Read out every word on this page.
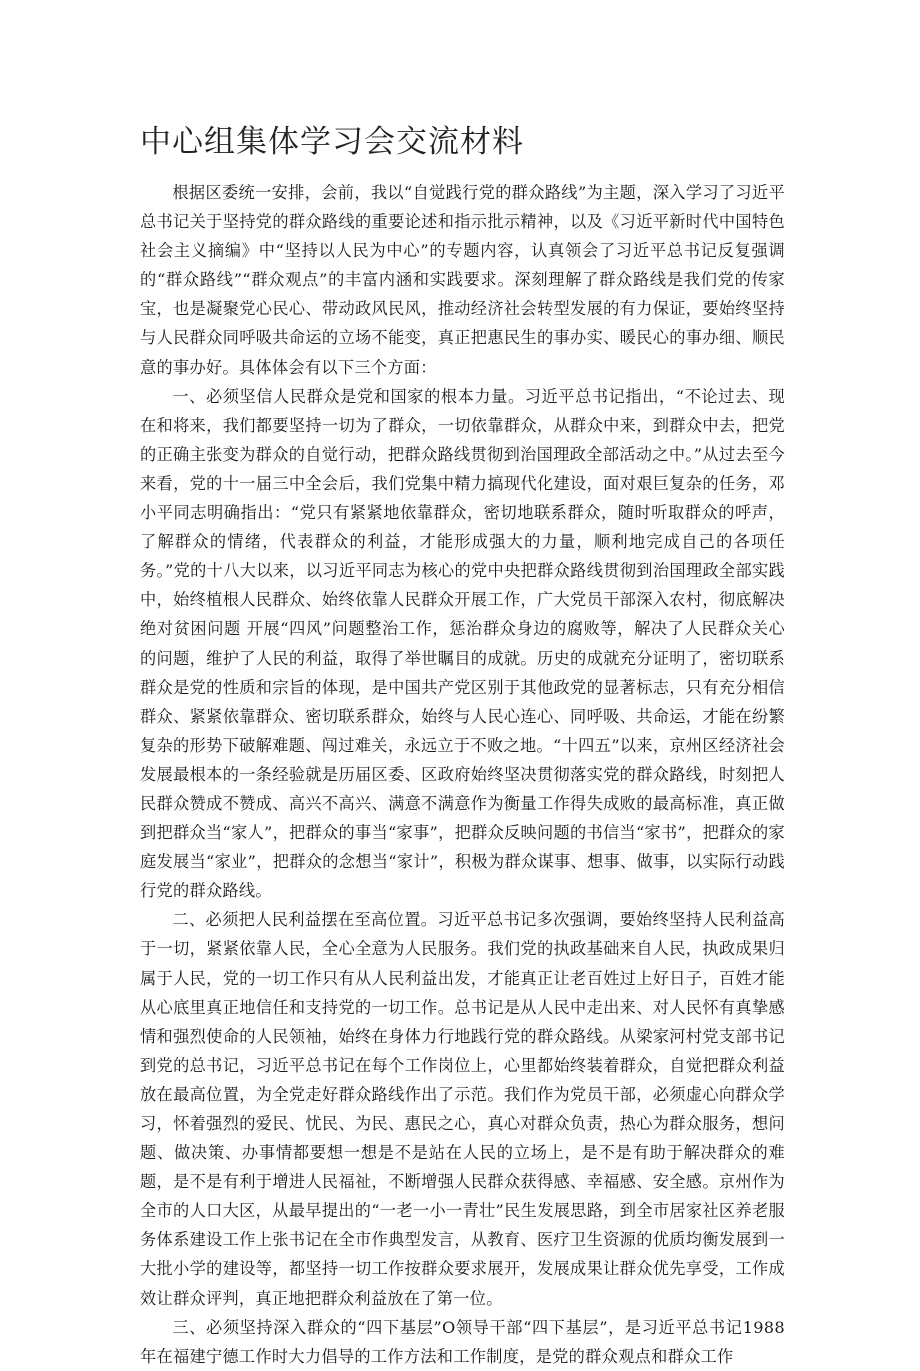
中心组集体学习会交流材料

根据区委统一安排，会前，我以“自觉践行党的群众路线”为主题，深入学习了习近平总书记关于坚持党的群众路线的重要论述和指示批示精神，以及《习近平新时代中国特色社会主义摘编》中“坚持以人民为中心”的专题内容，认真领会了习近平总书记反复强调的“群众路线”“群众观点”的丰富内涵和实践要求。深刻理解了群众路线是我们党的传家宝，也是凝聚党心民心、带动政风民风，推动经济社会转型发展的有力保证，要始终坚持与人民群众同呼吸共命运的立场不能变，真正把惠民生的事办实、暖民心的事办细、顺民意的事办好。具体体会有以下三个方面：

一、必须坚信人民群众是党和国家的根本力量。习近平总书记指出，“不论过去、现在和将来，我们都要坚持一切为了群众，一切依靠群众，从群众中来，到群众中去，把党的正确主张变为群众的自觉行动，把群众路线贯彻到治国理政全部活动之中。”从过去至今来看，党的十一届三中全会后，我们党集中精力搞现代化建设，面对艰巨复杂的任务，邓小平同志明确指出：“党只有紧紧地依靠群众，密切地联系群众，随时听取群众的呼声，了解群众的情绪，代表群众的利益，才能形成强大的力量，顺利地完成自己的各项任务。”党的十八大以来，以习近平同志为核心的党中央把群众路线贯彻到治国理政全部实践中，始终植根人民群众、始终依靠人民群众开展工作，广大党员干部深入农村，彻底解决绝对贫困问题 开展“四风”问题整治工作，惩治群众身边的腐败等，解决了人民群众关心的问题，维护了人民的利益，取得了举世瞩目的成就。历史的成就充分证明了，密切联系群众是党的性质和宗旨的体现，是中国共产党区别于其他政党的显著标志，只有充分相信群众、紧紧依靠群众、密切联系群众，始终与人民心连心、同呼吸、共命运，才能在纷繁复杂的形势下破解难题、闯过难关，永远立于不败之地。“十四五”以来，京州区经济社会发展最根本的一条经验就是历届区委、区政府始终坚决贯彻落实党的群众路线，时刻把人民群众赞成不赞成、高兴不高兴、满意不满意作为衡量工作得失成败的最高标准，真正做到把群众当“家人”，把群众的事当“家事”，把群众反映问题的书信当“家书”，把群众的家庭发展当“家业”，把群众的念想当“家计”，积极为群众谋事、想事、做事，以实际行动践行党的群众路线。

二、必须把人民利益摆在至高位置。习近平总书记多次强调，要始终坚持人民利益高于一切，紧紧依靠人民，全心全意为人民服务。我们党的执政基础来自人民，执政成果归属于人民，党的一切工作只有从人民利益出发，才能真正让老百姓过上好日子，百姓才能从心底里真正地信任和支持党的一切工作。总书记是从人民中走出来、对人民怀有真挚感情和强烈使命的人民领袖，始终在身体力行地践行党的群众路线。从梁家河村党支部书记到党的总书记，习近平总书记在每个工作岗位上，心里都始终装着群众，自觉把群众利益放在最高位置，为全党走好群众路线作出了示范。我们作为党员干部，必须虚心向群众学习，怀着强烈的爱民、忧民、为民、惠民之心，真心对群众负责，热心为群众服务，想问题、做决策、办事情都要想一想是不是站在人民的立场上，是不是有助于解决群众的难题，是不是有利于增进人民福祉，不断增强人民群众获得感、幸福感、安全感。京州作为全市的人口大区，从最早提出的“一老一小一青壮”民生发展思路，到全市居家社区养老服务体系建设工作上张书记在全市作典型发言，从教育、医疗卫生资源的优质均衡发展到一大批小学的建设等，都坚持一切工作按群众要求展开，发展成果让群众优先享受，工作成效让群众评判，真正地把群众利益放在了第一位。

三、必须坚持深入群众的“四下基层”O领导干部“四下基层”，是习近平总书记1988年在福建宁德工作时大力倡导的工作方法和工作制度，是党的群众观点和群众工作
